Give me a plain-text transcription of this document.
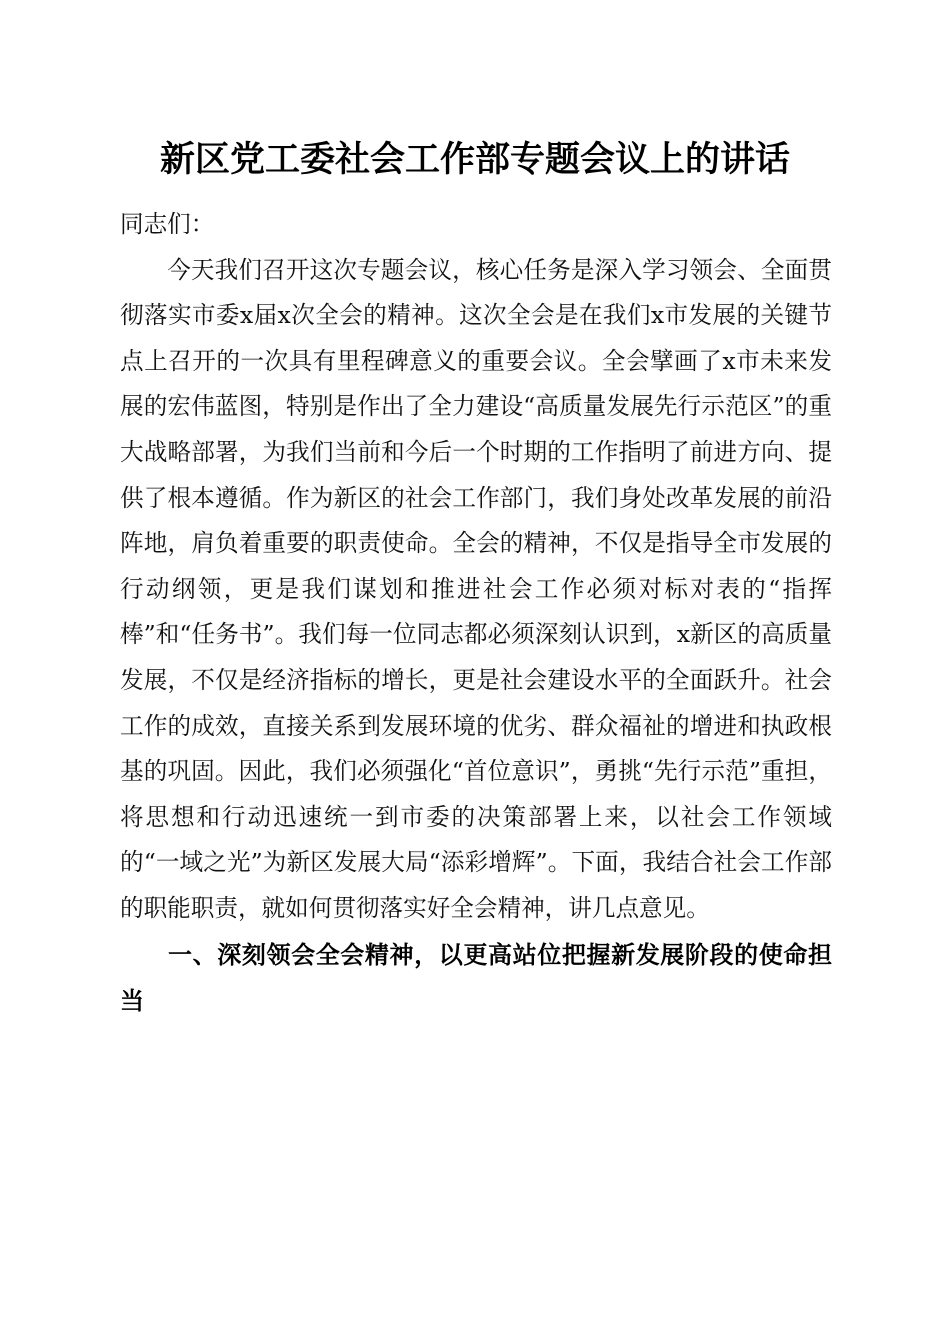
新区党工委社会工作部专题会议上的讲话

同志们：

今天我们召开这次专题会议，核心任务是深入学习领会、全面贯彻落实市委x届x次全会的精神。这次全会是在我们x市发展的关键节点上召开的一次具有里程碑意义的重要会议。全会擘画了x市未来发展的宏伟蓝图，特别是作出了全力建设“高质量发展先行示范区”的重大战略部署，为我们当前和今后一个时期的工作指明了前进方向、提供了根本遵循。作为新区的社会工作部门，我们身处改革发展的前沿阵地，肩负着重要的职责使命。全会的精神，不仅是指导全市发展的行动纲领，更是我们谋划和推进社会工作必须对标对表的“指挥棒”和“任务书”。我们每一位同志都必须深刻认识到，x新区的高质量发展，不仅是经济指标的增长，更是社会建设水平的全面跃升。社会工作的成效，直接关系到发展环境的优劣、群众福祉的增进和执政根基的巩固。因此，我们必须强化“首位意识”，勇挑“先行示范”重担，将思想和行动迅速统一到市委的决策部署上来，以社会工作领域的“一域之光”为新区发展大局“添彩增辉”。下面，我结合社会工作部的职能职责，就如何贯彻落实好全会精神，讲几点意见。

一、深刻领会全会精神，以更高站位把握新发展阶段的使命担当
